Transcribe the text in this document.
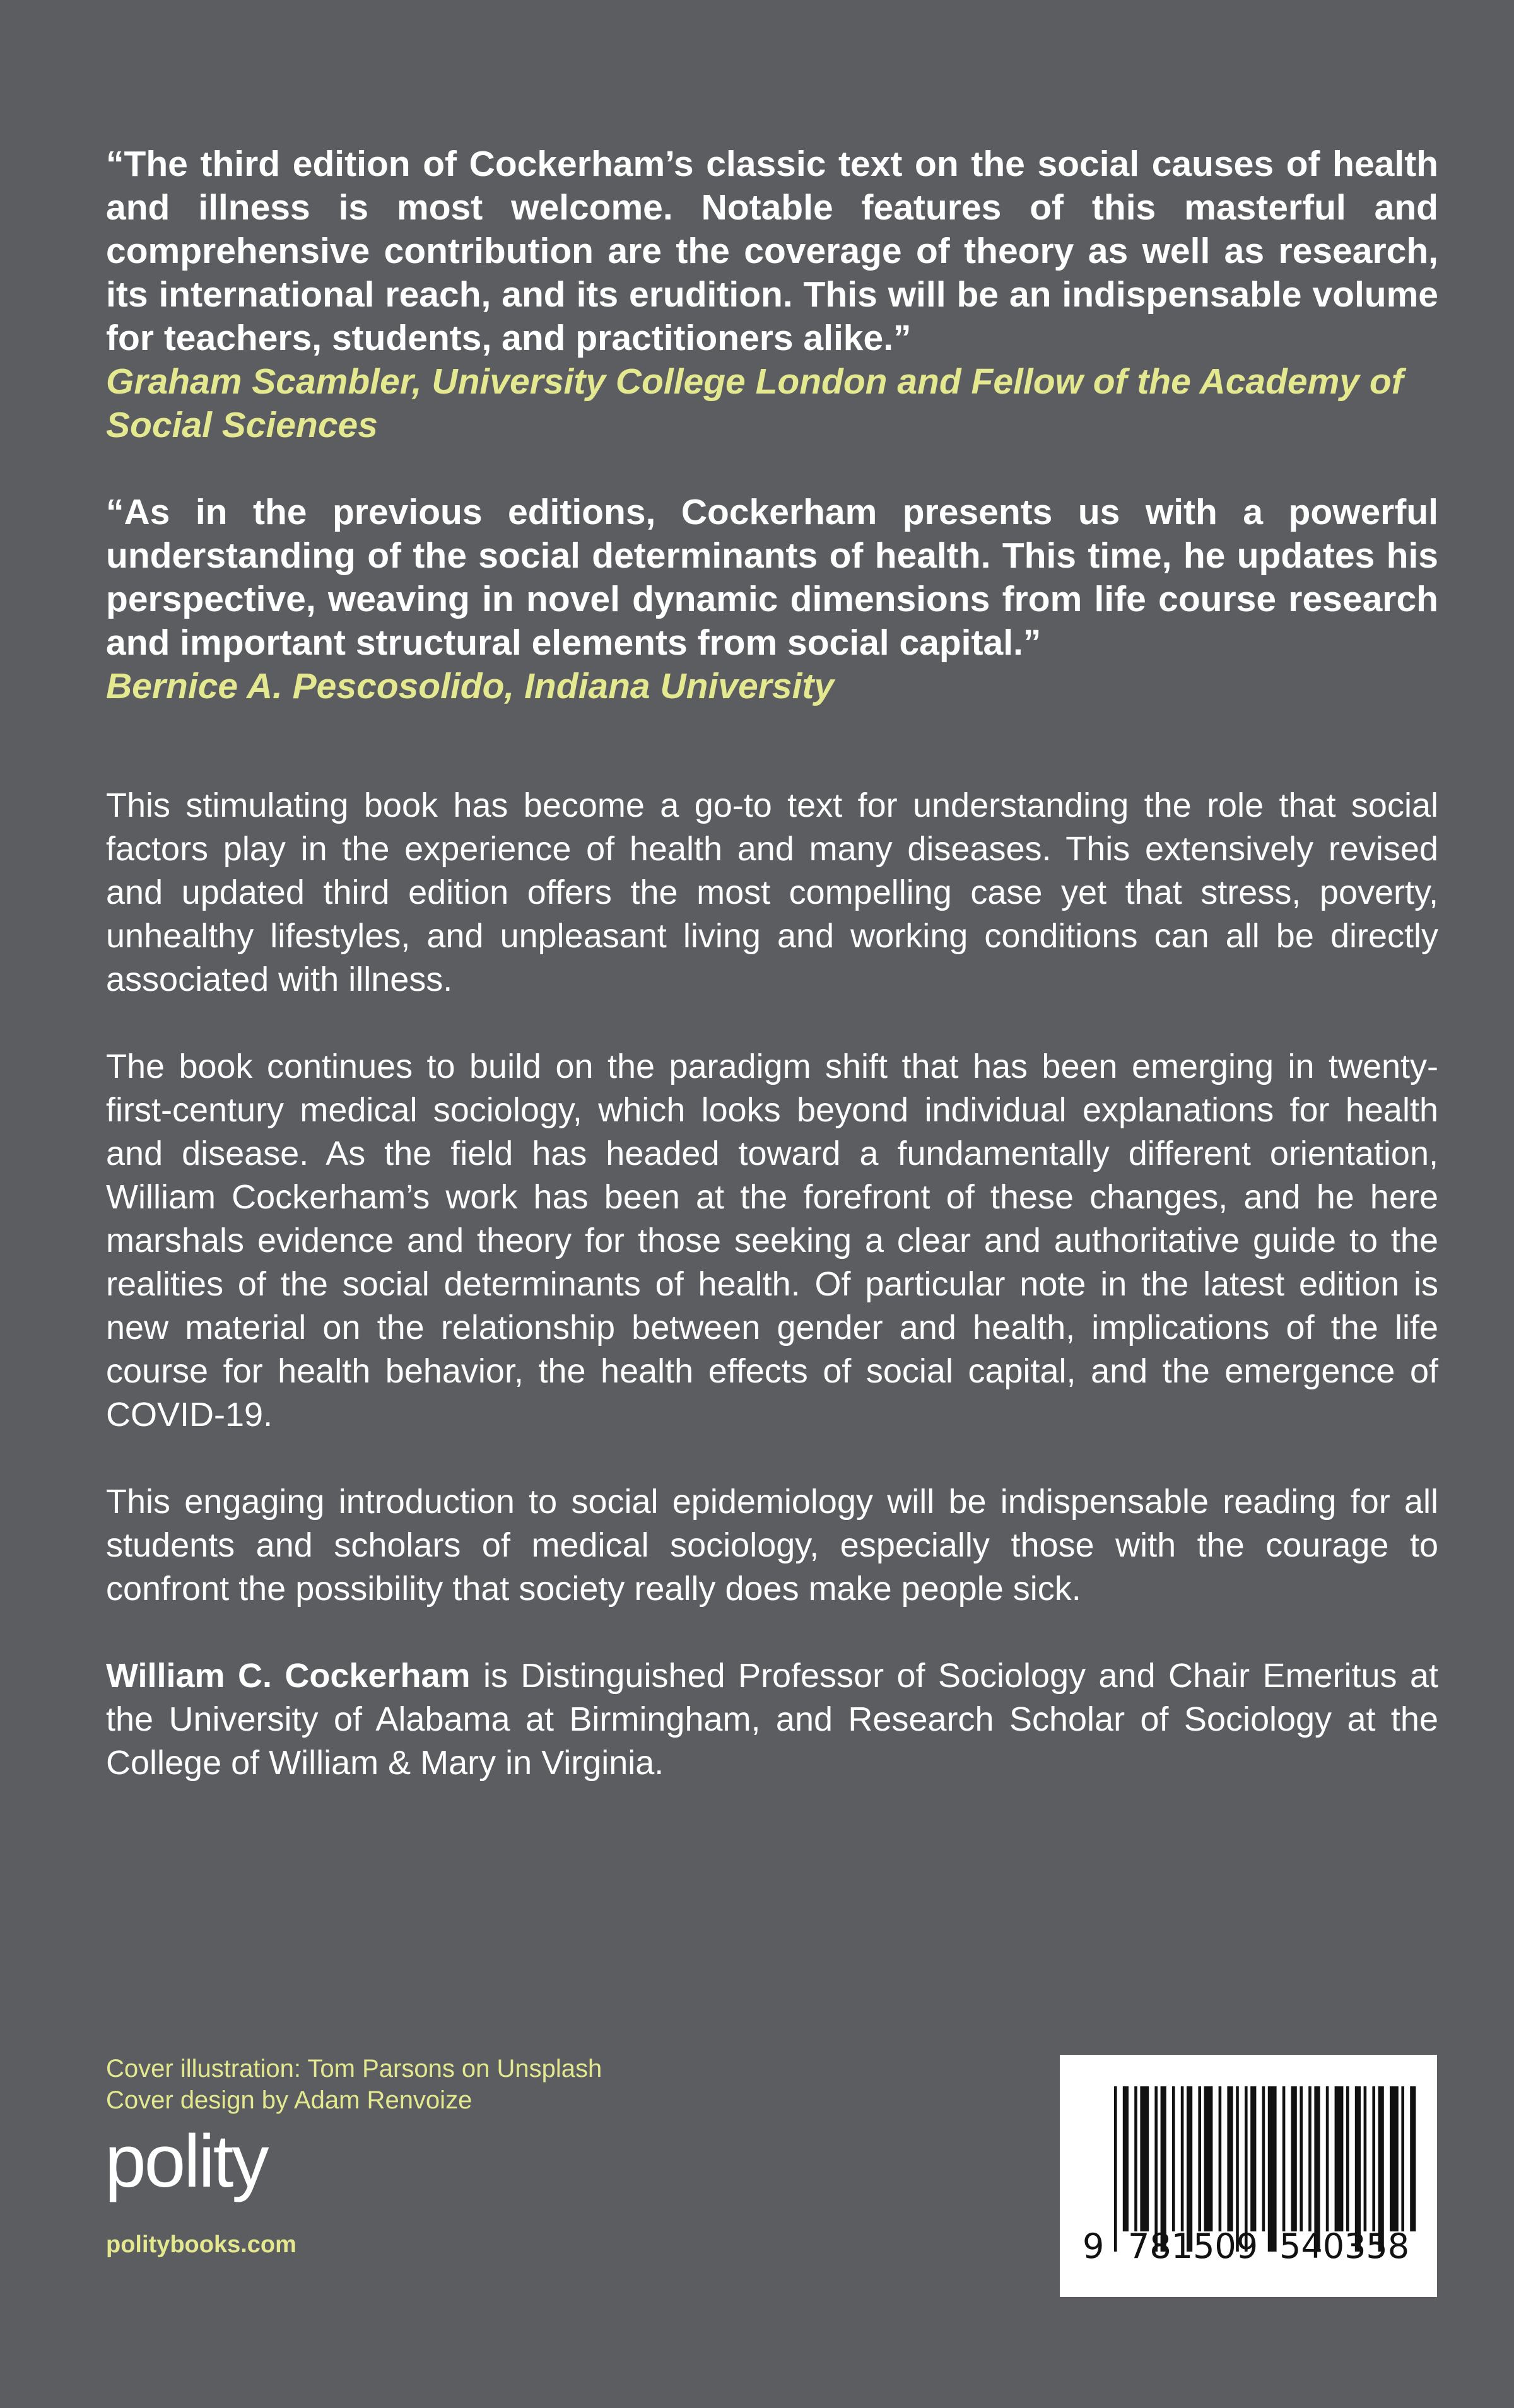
“The third edition of Cockerham’s classic text on the social causes of health and illness is most welcome. Notable features of this masterful and comprehensive contribution are the coverage of theory as well as research, its international reach, and its erudition. This will be an indispensable volume for teachers, students, and practitioners alike.”

Graham Scambler, University College London and Fellow of the Academy of Social Sciences

“As in the previous editions, Cockerham presents us with a powerful understanding of the social determinants of health. This time, he updates his perspective, weaving in novel dynamic dimensions from life course research and important structural elements from social capital.”

Bernice A. Pescosolido, Indiana University

This stimulating book has become a go-to text for understanding the role that social factors play in the experience of health and many diseases. This extensively revised and updated third edition offers the most compelling case yet that stress, poverty, unhealthy lifestyles, and unpleasant living and working conditions can all be directly associated with illness.

The book continues to build on the paradigm shift that has been emerging in twenty-first-century medical sociology, which looks beyond individual explanations for health and disease. As the field has headed toward a fundamentally different orientation, William Cockerham’s work has been at the forefront of these changes, and he here marshals evidence and theory for those seeking a clear and authoritative guide to the realities of the social determinants of health. Of particular note in the latest edition is new material on the relationship between gender and health, implications of the life course for health behavior, the health effects of social capital, and the emergence of COVID-19.

This engaging introduction to social epidemiology will be indispensable reading for all students and scholars of medical sociology, especially those with the courage to confront the possibility that society really does make people sick.

William C. Cockerham is Distinguished Professor of Sociology and Chair Emeritus at the University of Alabama at Birmingham, and Research Scholar of Sociology at the College of William & Mary in Virginia.

Cover illustration: Tom Parsons on Unsplash
Cover design by Adam Renvoize
polity
politybooks.com	9 781509 540358
